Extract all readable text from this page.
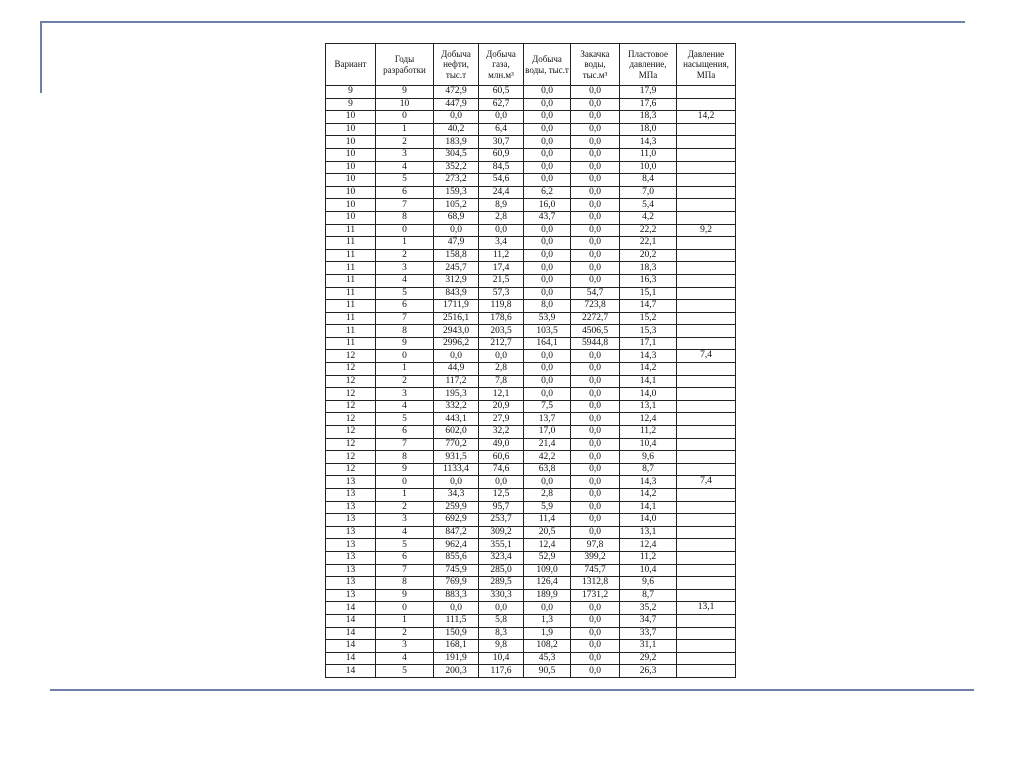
Вариант	Годы разработки	Добыча нефти, тыс.т	Добыча газа, млн.м³	Добыча воды, тыс.т	Закачка воды, тыс.м³	Пластовое давление, МПа	Давление насыщения, МПа
9	9	472,9	60,5	0,0	0,0	17,9	
9	10	447,9	62,7	0,0	0,0	17,6	
10	0	0,0	0,0	0,0	0,0	18,3	14,2
10	1	40,2	6,4	0,0	0,0	18,0	
10	2	183,9	30,7	0,0	0,0	14,3	
10	3	304,5	60,9	0,0	0,0	11,0	
10	4	352,2	84,5	0,0	0,0	10,0	
10	5	273,2	54,6	0,0	0,0	8,4	
10	6	159,3	24,4	6,2	0,0	7,0	
10	7	105,2	8,9	16,0	0,0	5,4	
10	8	68,9	2,8	43,7	0,0	4,2	
11	0	0,0	0,0	0,0	0,0	22,2	9,2
11	1	47,9	3,4	0,0	0,0	22,1	
11	2	158,8	11,2	0,0	0,0	20,2	
11	3	245,7	17,4	0,0	0,0	18,3	
11	4	312,9	21,5	0,0	0,0	16,3	
11	5	843,9	57,3	0,0	54,7	15,1	
11	6	1711,9	119,8	8,0	723,8	14,7	
11	7	2516,1	178,6	53,9	2272,7	15,2	
11	8	2943,0	203,5	103,5	4506,5	15,3	
11	9	2996,2	212,7	164,1	5944,8	17,1	
12	0	0,0	0,0	0,0	0,0	14,3	7,4
12	1	44,9	2,8	0,0	0,0	14,2	
12	2	117,2	7,8	0,0	0,0	14,1	
12	3	195,3	12,1	0,0	0,0	14,0	
12	4	332,2	20,9	7,5	0,0	13,1	
12	5	443,1	27,9	13,7	0,0	12,4	
12	6	602,0	32,2	17,0	0,0	11,2	
12	7	770,2	49,0	21,4	0,0	10,4	
12	8	931,5	60,6	42,2	0,0	9,6	
12	9	1133,4	74,6	63,8	0,0	8,7	
13	0	0,0	0,0	0,0	0,0	14,3	7,4
13	1	34,3	12,5	2,8	0,0	14,2	
13	2	259,9	95,7	5,9	0,0	14,1	
13	3	692,9	253,7	11,4	0,0	14,0	
13	4	847,2	309,2	20,5	0,0	13,1	
13	5	962,4	355,1	12,4	97,8	12,4	
13	6	855,6	323,4	52,9	399,2	11,2	
13	7	745,9	285,0	109,0	745,7	10,4	
13	8	769,9	289,5	126,4	1312,8	9,6	
13	9	883,3	330,3	189,9	1731,2	8,7	
14	0	0,0	0,0	0,0	0,0	35,2	13,1
14	1	111,5	5,8	1,3	0,0	34,7	
14	2	150,9	8,3	1,9	0,0	33,7	
14	3	168,1	9,8	108,2	0,0	31,1	
14	4	191,9	10,4	45,3	0,0	29,2	
14	5	200,3	117,6	90,5	0,0	26,3	
